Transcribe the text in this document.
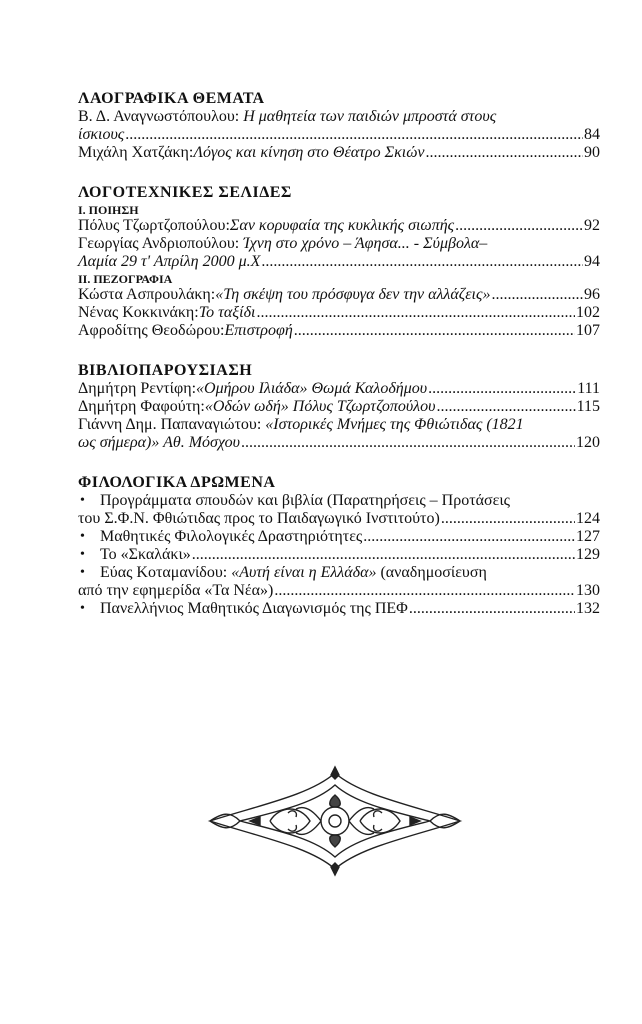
ΛΑΟΓΡΑΦΙΚΑ ΘΕΜΑΤΑ
Β. Δ. Αναγνωστόπουλου: Η μαθητεία των παιδιών μπροστά στους
ίσκιους .....	84
Μιχάλη Χατζάκη: Λόγος και κίνηση στο Θέατρο Σκιών .....	90
ΛΟΓΟΤΕΧΝΙΚΕΣ ΣΕΛΙΔΕΣ
Ι. ΠΟΙΗΣΗ
Πόλυς Τζωρτζοπούλου: Σαν κορυφαία της κυκλικής σιωπής .....	92
Γεωργίας Ανδριοπούλου: Ίχνη στο χρόνο – Άφησα... - Σύμβολα–
Λαμία 29 τ' Απρίλη 2000 μ.Χ .....	94
ΙΙ. ΠΕΖΟΓΡΑΦΙΑ
Κώστα Ασπρουλάκη: «Τη σκέψη του πρόσφυγα δεν την αλλάζεις» .....	96
Νένας Κοκκινάκη: Το ταξίδι .....	102
Αφροδίτης Θεοδώρου: Επιστροφή .....	107
ΒΙΒΛΙΟΠΑΡΟΥΣΙΑΣΗ
Δημήτρη Ρεντίφη: «Ομήρου Ιλιάδα» Θωμά Καλοδήμου .....	111
Δημήτρη Φαφούτη: «Οδών ωδή» Πόλυς Τζωρτζοπούλου .....	115
Γιάννη Δημ. Παπαναγιώτου: «Ιστορικές Μνήμες της Φθιώτιδας (1821
ως σήμερα)» Αθ. Μόσχου .....	120
ΦΙΛΟΛΟΓΙΚΑ ΔΡΩΜΕΝΑ
• Προγράμματα σπουδών και βιβλία (Παρατηρήσεις – Προτάσεις
του Σ.Φ.Ν. Φθιώτιδας προς το Παιδαγωγικό Ινστιτούτο) .....	124
• Μαθητικές Φιλολογικές Δραστηριότητες .....	127
• Το «Σκαλάκι» .....	129
• Εύας Κοταμανίδου: «Αυτή είναι η Ελλάδα» (αναδημοσίευση
από την εφημερίδα «Τα Νέα») .....	130
• Πανελλήνιος Μαθητικός Διαγωνισμός της ΠΕΦ .....	132
